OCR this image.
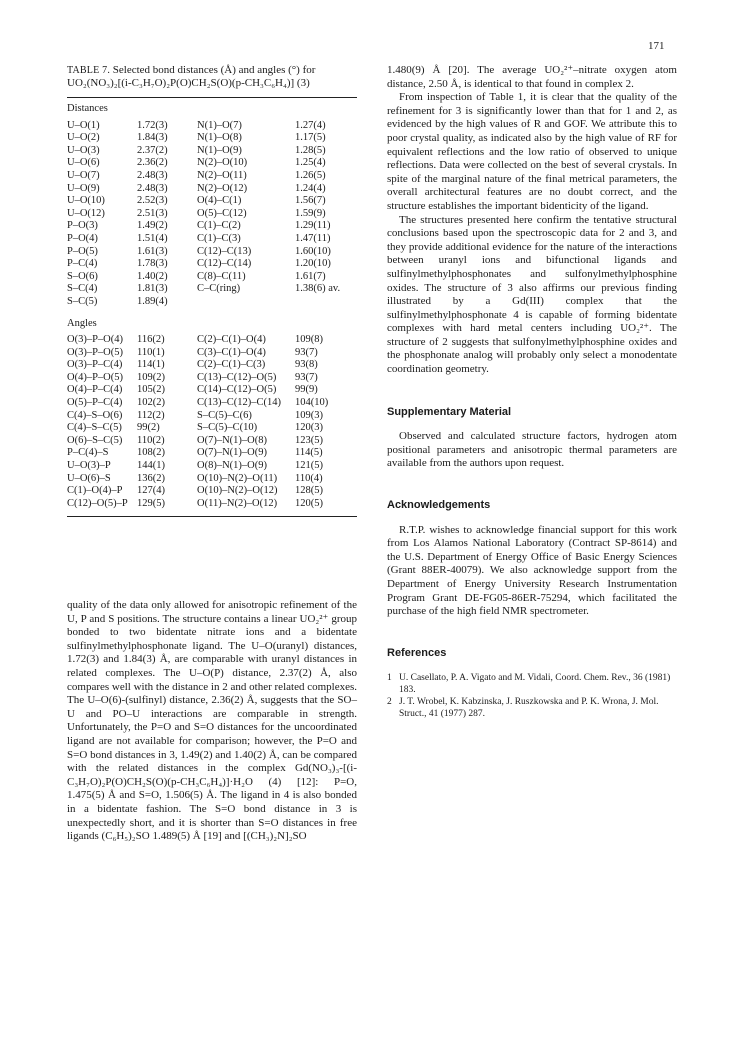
171

TABLE 7. Selected bond distances (Å) and angles (°) for UO₂(NO₃)₂[(i-C₃H₇O)₂P(O)CH₂S(O)(p-CH₃C₆H₄)] (3)

Distances
U–O(1)	1.72(3)	N(1)–O(7)	1.27(4)
U–O(2)	1.84(3)	N(1)–O(8)	1.17(5)
U–O(3)	2.37(2)	N(1)–O(9)	1.28(5)
U–O(6)	2.36(2)	N(2)–O(10)	1.25(4)
U–O(7)	2.48(3)	N(2)–O(11)	1.26(5)
U–O(9)	2.48(3)	N(2)–O(12)	1.24(4)
U–O(10)	2.52(3)	O(4)–C(1)	1.56(7)
U–O(12)	2.51(3)	O(5)–C(12)	1.59(9)
P–O(3)	1.49(2)	C(1)–C(2)	1.29(11)
P–O(4)	1.51(4)	C(1)–C(3)	1.47(11)
P–O(5)	1.61(3)	C(12)–C(13)	1.60(10)
P–C(4)	1.78(3)	C(12)–C(14)	1.20(10)
S–O(6)	1.40(2)	C(8)–C(11)	1.61(7)
S–C(4)	1.81(3)	C–C(ring)	1.38(6) av.
S–C(5)	1.89(4)		
Angles
O(3)–P–O(4)	116(2)	C(2)–C(1)–O(4)	109(8)
O(3)–P–O(5)	110(1)	C(3)–C(1)–O(4)	93(7)
O(3)–P–C(4)	114(1)	C(2)–C(1)–C(3)	93(8)
O(4)–P–O(5)	109(2)	C(13)–C(12)–O(5)	93(7)
O(4)–P–C(4)	105(2)	C(14)–C(12)–O(5)	99(9)
O(5)–P–C(4)	102(2)	C(13)–C(12)–C(14)	104(10)
C(4)–S–O(6)	112(2)	S–C(5)–C(6)	109(3)
C(4)–S–C(5)	99(2)	S–C(5)–C(10)	120(3)
O(6)–S–C(5)	110(2)	O(7)–N(1)–O(8)	123(5)
P–C(4)–S	108(2)	O(7)–N(1)–O(9)	114(5)
U–O(3)–P	144(1)	O(8)–N(1)–O(9)	121(5)
U–O(6)–S	136(2)	O(10)–N(2)–O(11)	110(4)
C(1)–O(4)–P	127(4)	O(10)–N(2)–O(12)	128(5)
C(12)–O(5)–P	129(5)	O(11)–N(2)–O(12)	120(5)

quality of the data only allowed for anisotropic refinement of the U, P and S positions. The structure contains a linear UO₂²⁺ group bonded to two bidentate nitrate ions and a bidentate sulfinylmethylphosphonate ligand. The U–O(uranyl) distances, 1.72(3) and 1.84(3) Å, are comparable with uranyl distances in related complexes. The U–O(P) distance, 2.37(2) Å, also compares well with the distance in 2 and other related complexes. The U–O(6)-(sulfinyl) distance, 2.36(2) Å, suggests that the SO–U and PO–U interactions are comparable in strength. Unfortunately, the P=O and S=O distances for the uncoordinated ligand are not available for comparison; however, the P=O and S=O bond distances in 3, 1.49(2) and 1.40(2) Å, can be compared with the related distances in the complex Gd(NO₃)₃-[(i-C₃H₇O)₂P(O)CH₂S(O)(p-CH₃C₆H₄)]·H₂O (4) [12]: P=O, 1.475(5) Å and S=O, 1.506(5) Å. The ligand in 4 is also bonded in a bidentate fashion. The S=O bond distance in 3 is unexpectedly short, and it is shorter than S=O distances in free ligands (C₆H₅)₂SO 1.489(5) Å [19] and [(CH₃)₂N]₂SO

1.480(9) Å [20]. The average UO₂²⁺–nitrate oxygen atom distance, 2.50 Å, is identical to that found in complex 2.

From inspection of Table 1, it is clear that the quality of the refinement for 3 is significantly lower than that for 1 and 2, as evidenced by the high values of R and GOF. We attribute this to poor crystal quality, as indicated also by the high value of RF for equivalent reflections and the low ratio of observed to unique reflections. Data were collected on the best of several crystals. In spite of the marginal nature of the final metrical parameters, the overall architectural features are no doubt correct, and the structure establishes the important bidenticity of the ligand.

The structures presented here confirm the tentative structural conclusions based upon the spectroscopic data for 2 and 3, and they provide additional evidence for the nature of the interactions between uranyl ions and bifunctional ligands and sulfinylmethylphosphonates and sulfonylmethylphosphine oxides. The structure of 3 also affirms our previous finding illustrated by a Gd(III) complex that the sulfinylmethylphosphonate 4 is capable of forming bidentate complexes with hard metal centers including UO₂²⁺. The structure of 2 suggests that sulfonylmethylphosphine oxides and the phosphonate analog will probably only select a monodentate coordination geometry.

Supplementary Material

Observed and calculated structure factors, hydrogen atom positional parameters and anisotropic thermal parameters are available from the authors upon request.

Acknowledgements

R.T.P. wishes to acknowledge financial support for this work from Los Alamos National Laboratory (Contract SP-8614) and the U.S. Department of Energy Office of Basic Energy Sciences (Grant 88ER-40079). We also acknowledge support from the Department of Energy University Research Instrumentation Program Grant DE-FG05-86ER-75294, which facilitated the purchase of the high field NMR spectrometer.

References

1 U. Casellato, P. A. Vigato and M. Vidali, Coord. Chem. Rev., 36 (1981) 183.
2 J. T. Wrobel, K. Kabzinska, J. Ruszkowska and P. K. Wrona, J. Mol. Struct., 41 (1977) 287.
